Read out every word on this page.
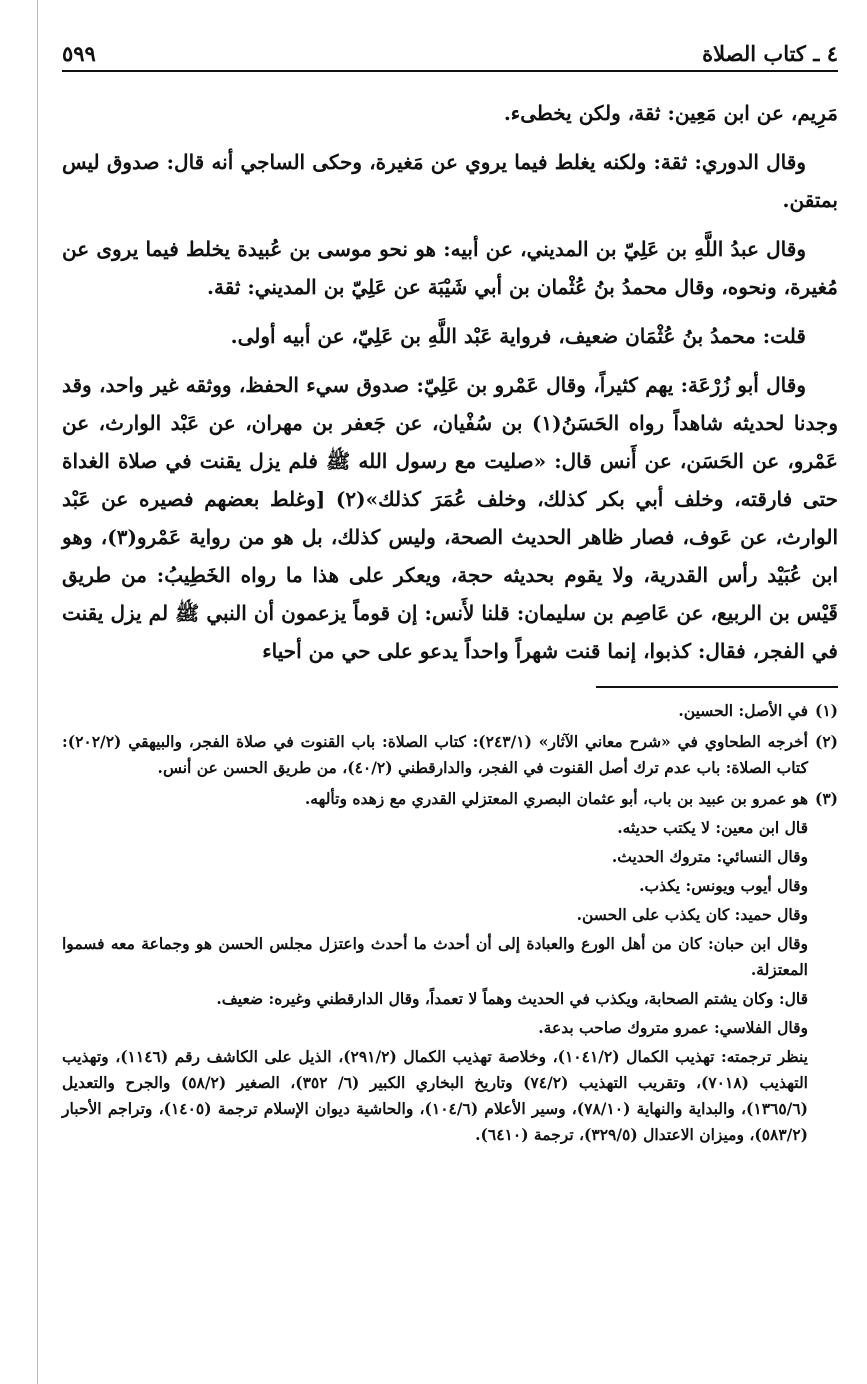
٤ ـ كتاب الصلاة
٥٩٩

مَرِيم، عن ابن مَعِين: ثقة، ولكن يخطىء.

وقال الدوري: ثقة: ولكنه يغلط فيما يروي عن مَغيرة، وحكى الساجي أنه قال: صدوق ليس بمتقن.

وقال عبدُ اللَّهِ بن عَلِيّ بن المديني، عن أبيه: هو نحو موسى بن عُبيدة يخلط فيما يروى عن مُغيرة، ونحوه، وقال محمدُ بنُ عُثْمان بن أبي شَيْبَة عن عَلِيّ بن المديني: ثقة.

قلت: محمدُ بنُ عُثْمَان ضعيف، فرواية عَبْد اللَّهِ بن عَلِيّ، عن أبيه أولى.

وقال أبو زُرْعَة: يهم كثيراً، وقال عَمْرو بن عَلِيّ: صدوق سيء الحفظ، ووثقه غير واحد، وقد وجدنا لحديثه شاهداً رواه الحَسَنُ(١) بن سُفْيان، عن جَعفر بن مهران، عن عَبْد الوارث، عن عَمْرو، عن الحَسَن، عن أَنس قال: «صليت مع رسول الله ﷺ فلم يزل يقنت في صلاة الغداة حتى فارقته، وخلف أبي بكر كذلك، وخلف عُمَرَ كذلك»(٢) [وغلط بعضهم فصيره عن عَبْد الوارث، عن عَوف، فصار ظاهر الحديث الصحة، وليس كذلك، بل هو من رواية عَمْرو(٣)، وهو ابن عُبَيْد رأس القدرية، ولا يقوم بحديثه حجة، ويعكر على هذا ما رواه الخَطِيبُ: من طريق قَيْس بن الربيع، عن عَاصِم بن سليمان: قلنا لأَنس: إن قوماً يزعمون أن النبي ﷺ لم يزل يقنت في الفجر، فقال: كذبوا، إنما قنت شهراً واحداً يدعو على حي من أحياء

(١)
في الأصل: الحسين.
(٢)
أخرجه الطحاوي في «شرح معاني الآثار» (٢٤٣/١): كتاب الصلاة: باب القنوت في صلاة الفجر، والبيهقي (٢٠٢/٢): كتاب الصلاة: باب عدم ترك أصل القنوت في الفجر، والدارقطني (٤٠/٢)، من طريق الحسن عن أنس.
(٣)
هو عمرو بن عبيد بن باب، أبو عثمان البصري المعتزلي القدري مع زهده وتألهه.
قال ابن معين: لا يكتب حديثه.
وقال النسائي: متروك الحديث.
وقال أيوب ويونس: يكذب.
وقال حميد: كان يكذب على الحسن.
وقال ابن حبان: كان من أهل الورع والعبادة إلى أن أحدث ما أحدث واعتزل مجلس الحسن هو وجماعة معه فسموا المعتزلة.
قال: وكان يشتم الصحابة، ويكذب في الحديث وهماً لا تعمداً، وقال الدارقطني وغيره: ضعيف.
وقال الفلاسي: عمرو متروك صاحب بدعة.
ينظر ترجمته: تهذيب الكمال (١٠٤١/٢)، وخلاصة تهذيب الكمال (٢٩١/٢)، الذيل على الكاشف رقم (١١٤٦)، وتهذيب التهذيب (٧٠١٨)، وتقريب التهذيب (٧٤/٢) وتاريخ البخاري الكبير (٦/ ٣٥٢)، الصغير (٥٨/٢) والجرح والتعديل (١٣٦٥/٦)، والبداية والنهاية (٧٨/١٠)، وسير الأعلام (١٠٤/٦)، والحاشية ديوان الإسلام ترجمة (١٤٠٥)، وتراجم الأحبار (٥٨٣/٢)، وميزان الاعتدال (٣٢٩/٥)، ترجمة (٦٤١٠).
